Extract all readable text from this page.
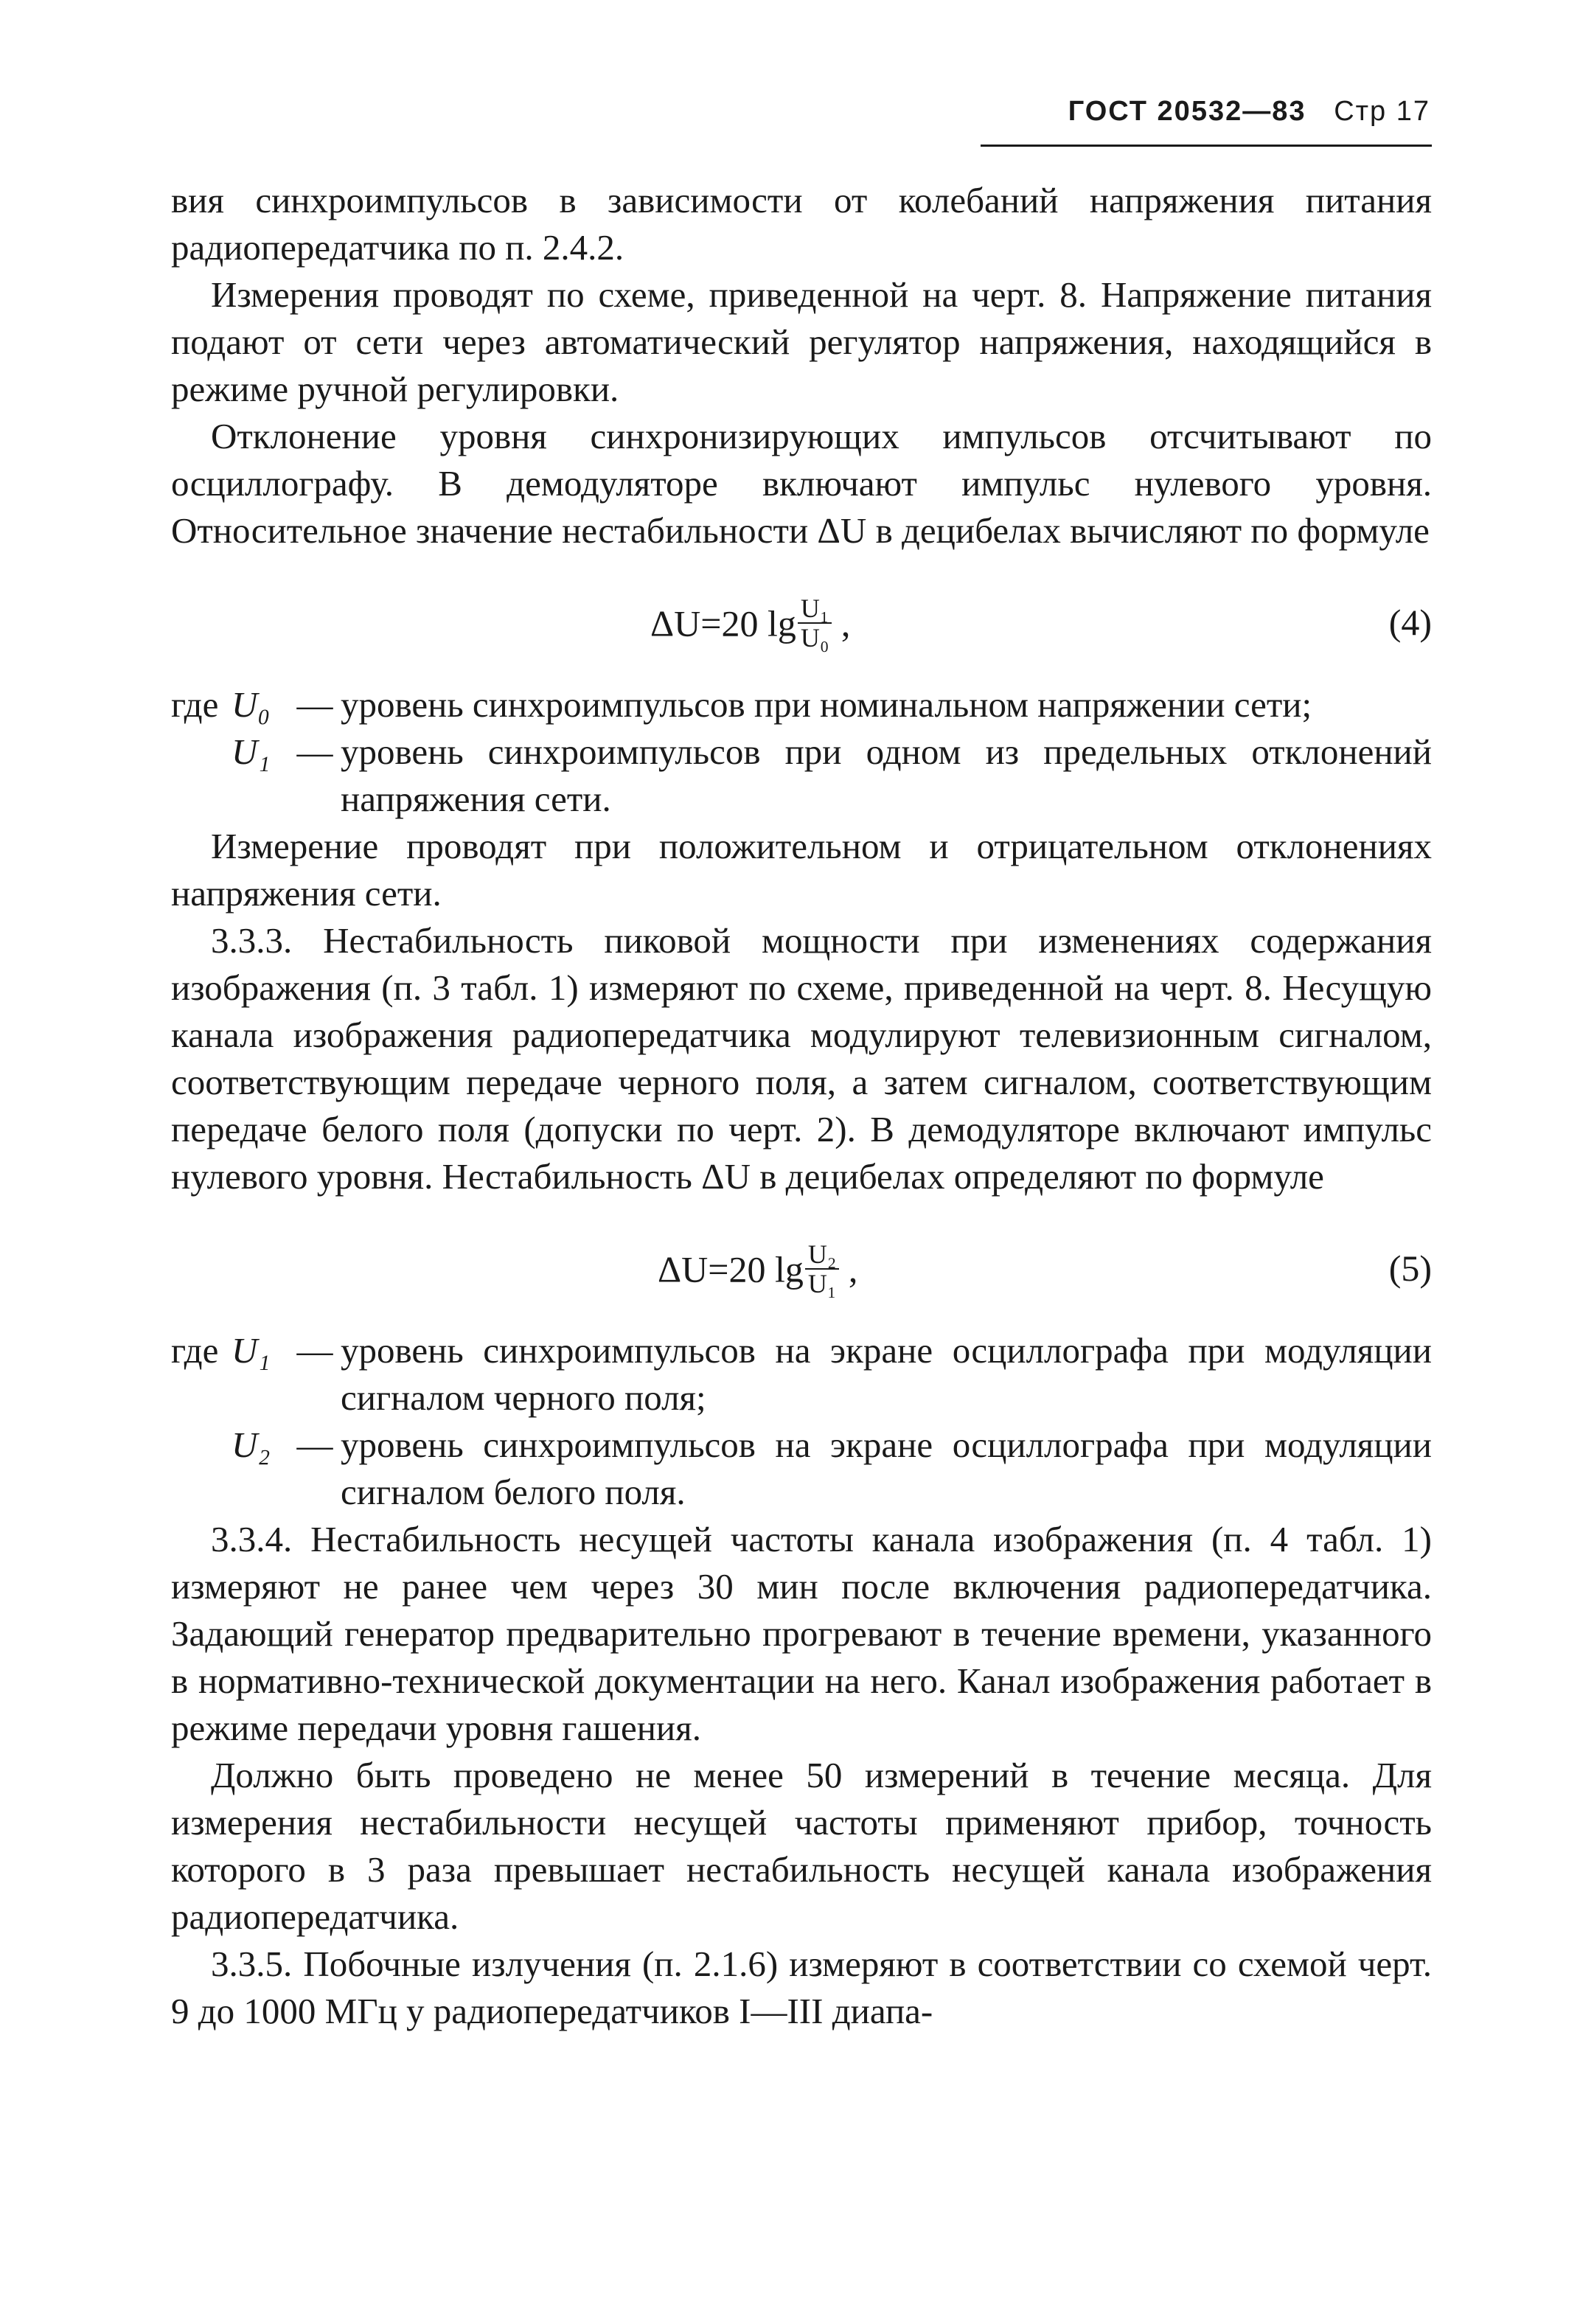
ГОСТ 20532—83 Стр 17

вия синхроимпульсов в зависимости от колебаний напряжения питания радиопередатчика по п. 2.4.2.

Измерения проводят по схеме, приведенной на черт. 8. Напряжение питания подают от сети через автоматический регулятор напряжения, находящийся в режиме ручной регулировки.

Отклонение уровня синхронизирующих импульсов отсчитывают по осциллографу. В демодуляторе включают импульс нулевого уровня. Относительное значение нестабильности ΔU в децибелах вычисляют по формуле

ΔU=20 $\lg \frac{\text{U₁}}{\text{U₀}}$ ,	(4)
где U₀ — уровень синхроимпульсов при номинальном напряжении сети;
U₁ — уровень синхроимпульсов при одном из предельных отклонений напряжения сети.

Измерение проводят при положительном и отрицательном отклонениях напряжения сети.

3.3.3. Нестабильность пиковой мощности при изменениях содержания изображения (п. 3 табл. 1) измеряют по схеме, приведенной на черт. 8. Несущую канала изображения радиопередатчика модулируют телевизионным сигналом, соответствующим передаче черного поля, а затем сигналом, соответствующим передаче белого поля (допуски по черт. 2). В демодуляторе включают импульс нулевого уровня. Нестабильность ΔU в децибелах определяют по формуле

ΔU=20 $\lg \frac{\text{U₂}}{\text{U₁}}$ ,	(5)
где U₁ — уровень синхроимпульсов на экране осциллографа при модуляции сигналом черного поля;
U₂ — уровень синхроимпульсов на экране осциллографа при модуляции сигналом белого поля.

3.3.4. Нестабильность несущей частоты канала изображения (п. 4 табл. 1) измеряют не ранее чем через 30 мин после включения радиопередатчика. Задающий генератор предварительно прогревают в течение времени, указанного в нормативно-технической документации на него. Канал изображения работает в режиме передачи уровня гашения.

Должно быть проведено не менее 50 измерений в течение месяца. Для измерения нестабильности несущей частоты применяют прибор, точность которого в 3 раза превышает нестабильность несущей канала изображения радиопередатчика.

3.3.5. Побочные излучения (п. 2.1.6) измеряют в соответствии со схемой черт. 9 до 1000 МГц у радиопередатчиков I—III диапа-
